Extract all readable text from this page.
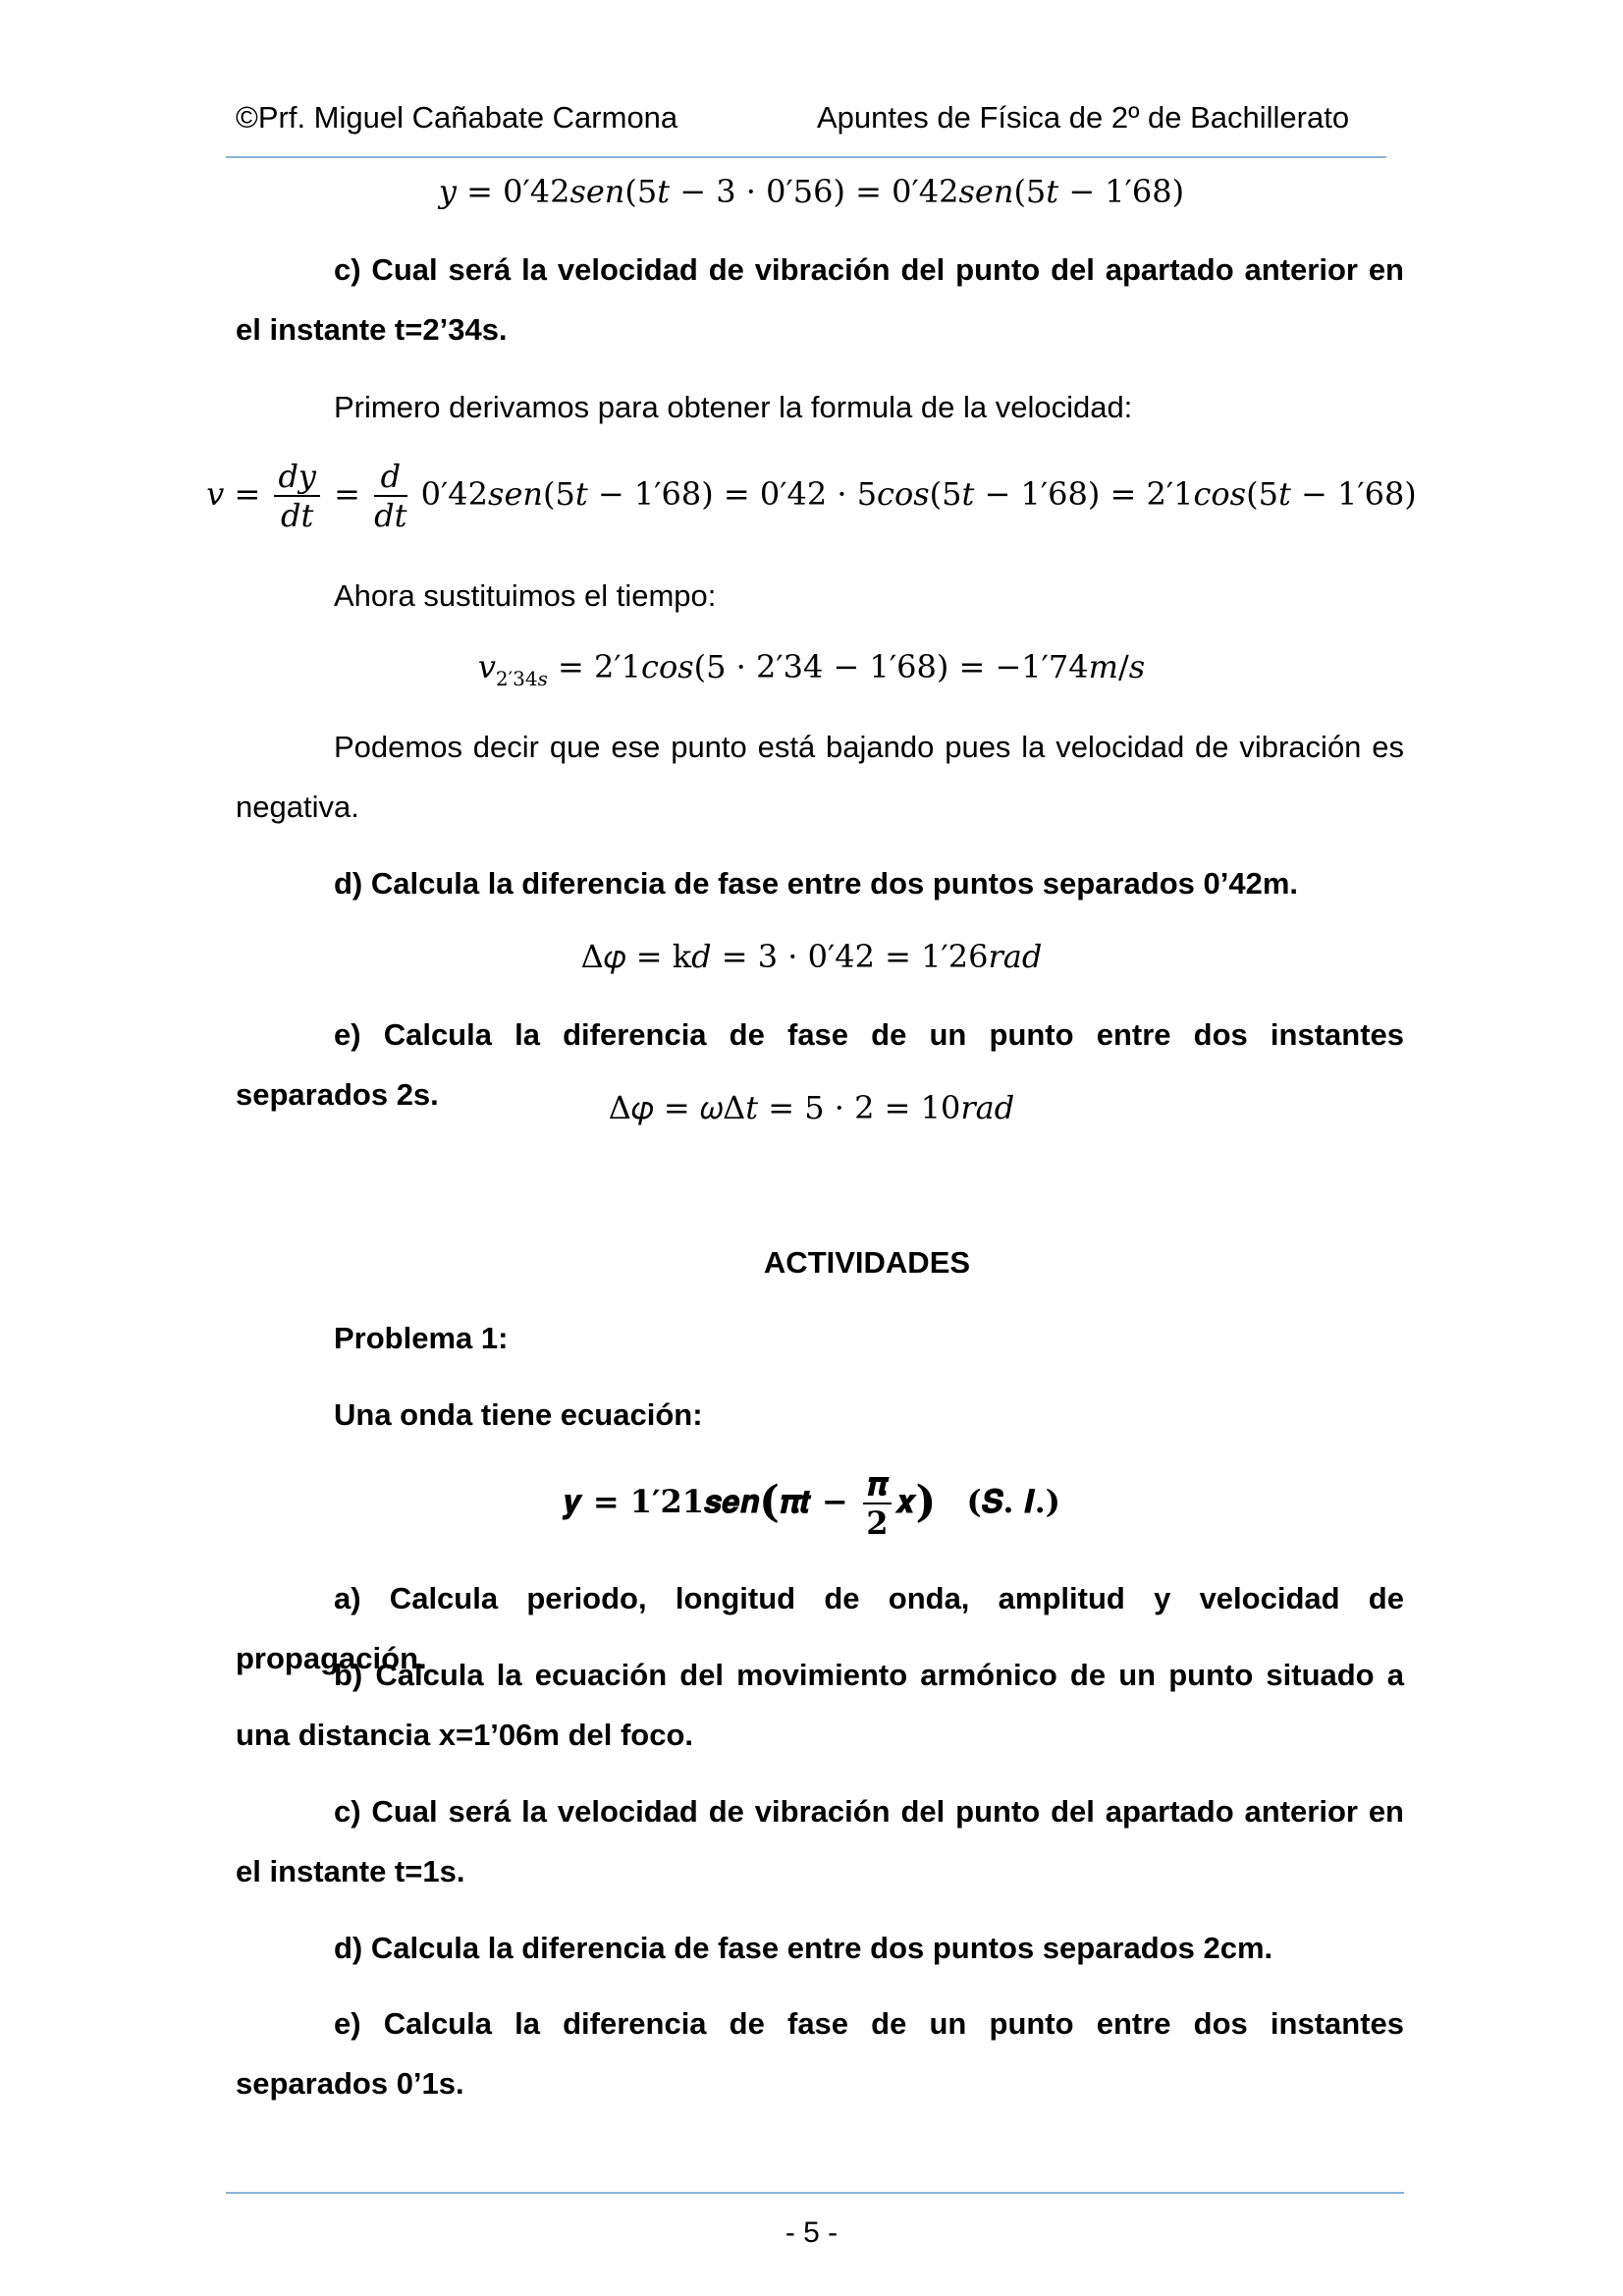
©Prf. Miguel Cañabate Carmona	Apuntes de Física de 2º de Bachillerato
𝑦 = 0′42𝑠𝑒𝑛(5𝑡 − 3 · 0′56) = 0′42𝑠𝑒𝑛(5𝑡 − 1′68)
c) Cual será la velocidad de vibración del punto del apartado anterior en el instante t=2’34s.
Primero derivamos para obtener la formula de la velocidad:
𝑣 = $\frac{\text{𝑑𝑦}}{\text{𝑑𝑡}} = \frac{\text{𝑑}}{\text{𝑑𝑡}}$ 0′42𝑠𝑒𝑛(5𝑡 − 1′68) = 0′42 · 5𝑐𝑜𝑠(5𝑡 − 1′68) = 2′1𝑐𝑜𝑠(5𝑡 − 1′68)
Ahora sustituimos el tiempo:
𝑣$_{2'34𝑠}$ = 2′1𝑐𝑜𝑠(5 · 2′34 − 1′68) = −1′74𝑚/𝑠
Podemos decir que ese punto está bajando pues la velocidad de vibración es negativa.
d) Calcula la diferencia de fase entre dos puntos separados 0’42m.
Δ𝜑 = k𝑑 = 3 · 0′42 = 1′26𝑟𝑎𝑑
e) Calcula la diferencia de fase de un punto entre dos instantes separados 2s.	Δ𝜑 = 𝜔Δ𝑡 = 5 · 2 = 10𝑟𝑎𝑑
ACTIVIDADES
Problema 1:
Una onda tiene ecuación:
𝒚 = 𝟏′𝟐𝟏𝒔𝒆𝒏(𝝅𝒕 − $\frac{\text{𝝅}}{𝟐}$ 𝒙) (𝑺. 𝑰.)
a) Calcula periodo, longitud de onda, amplitud y velocidad de propagación.
b) Calcula la ecuación del movimiento armónico de un punto situado a una distancia x=1’06m del foco.
c) Cual será la velocidad de vibración del punto del apartado anterior en el instante t=1s.
d) Calcula la diferencia de fase entre dos puntos separados 2cm.
e) Calcula la diferencia de fase de un punto entre dos instantes separados 0’1s.
- 5 -
